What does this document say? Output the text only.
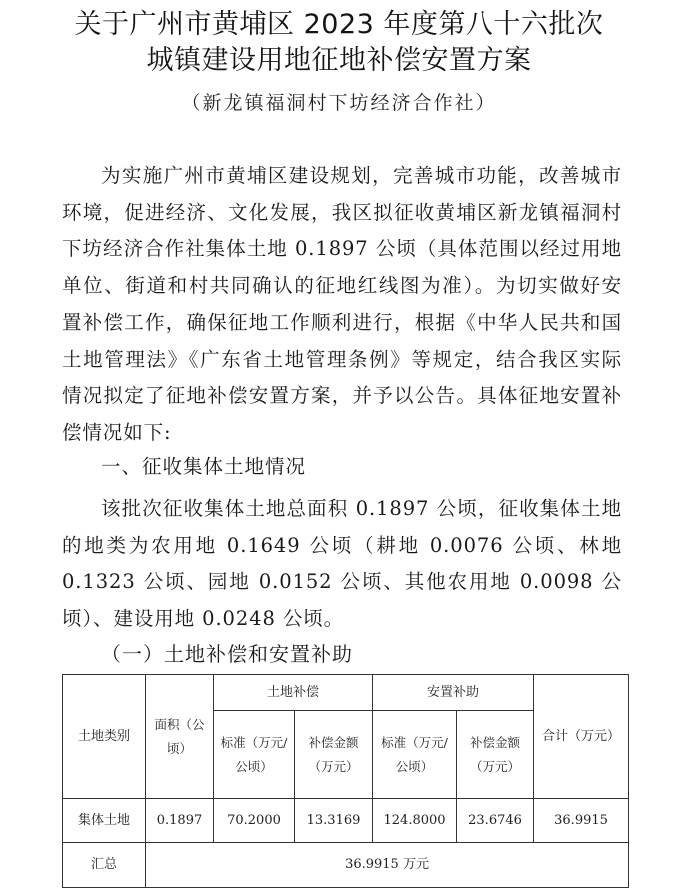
关于广州市黄埔区 2023 年度第八十六批次
城镇建设用地征地补偿安置方案
（新龙镇福洞村下坊经济合作社）
为实施广州市黄埔区建设规划，完善城市功能，改善城市环境，促进经济、文化发展，我区拟征收黄埔区新龙镇福洞村下坊经济合作社集体土地 0.1897 公顷（具体范围以经过用地单位、街道和村共同确认的征地红线图为准）。为切实做好安置补偿工作，确保征地工作顺利进行，根据《中华人民共和国土地管理法》《广东省土地管理条例》等规定，结合我区实际情况拟定了征地补偿安置方案，并予以公告。具体征地安置补偿情况如下:
一、征收集体土地情况
该批次征收集体土地总面积 0.1897 公顷，征收集体土地的地类为农用地 0.1649 公顷（耕地 0.0076 公顷、林地 0.1323 公顷、园地 0.0152 公顷、其他农用地 0.0098 公顷）、建设用地 0.0248 公顷。
（一）土地补偿和安置补助
土地类别	面积（公顷）	土地补偿		安置补助		合计（万元）
		标准（万元/公顷）	补偿金额（万元）	标准（万元/公顷）	补偿金额（万元）	

集体土地	0.1897	70.2000	13.3169	124.8000	23.6746	36.9915
汇总	36.9915 万元					
